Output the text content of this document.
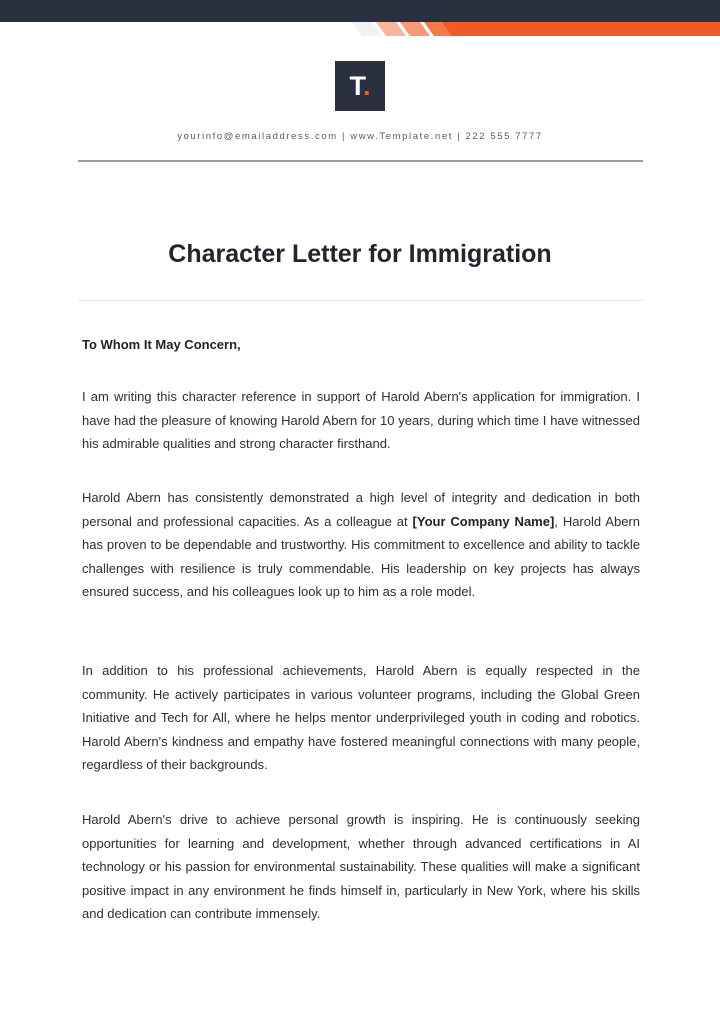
T.
yourinfo@emailaddress.com | www.Template.net | 222 555 7777
Character Letter for Immigration
To Whom It May Concern,

I am writing this character reference in support of Harold Abern's application for immigration. I have had the pleasure of knowing Harold Abern for 10 years, during which time I have witnessed his admirable qualities and strong character firsthand.

Harold Abern has consistently demonstrated a high level of integrity and dedication in both personal and professional capacities. As a colleague at [Your Company Name], Harold Abern has proven to be dependable and trustworthy. His commitment to excellence and ability to tackle challenges with resilience is truly commendable. His leadership on key projects has always ensured success, and his colleagues look up to him as a role model.

In addition to his professional achievements, Harold Abern is equally respected in the community. He actively participates in various volunteer programs, including the Global Green Initiative and Tech for All, where he helps mentor underprivileged youth in coding and robotics. Harold Abern's kindness and empathy have fostered meaningful connections with many people, regardless of their backgrounds.

Harold Abern's drive to achieve personal growth is inspiring. He is continuously seeking opportunities for learning and development, whether through advanced certifications in AI technology or his passion for environmental sustainability. These qualities will make a significant positive impact in any environment he finds himself in, particularly in New York, where his skills and dedication can contribute immensely.
